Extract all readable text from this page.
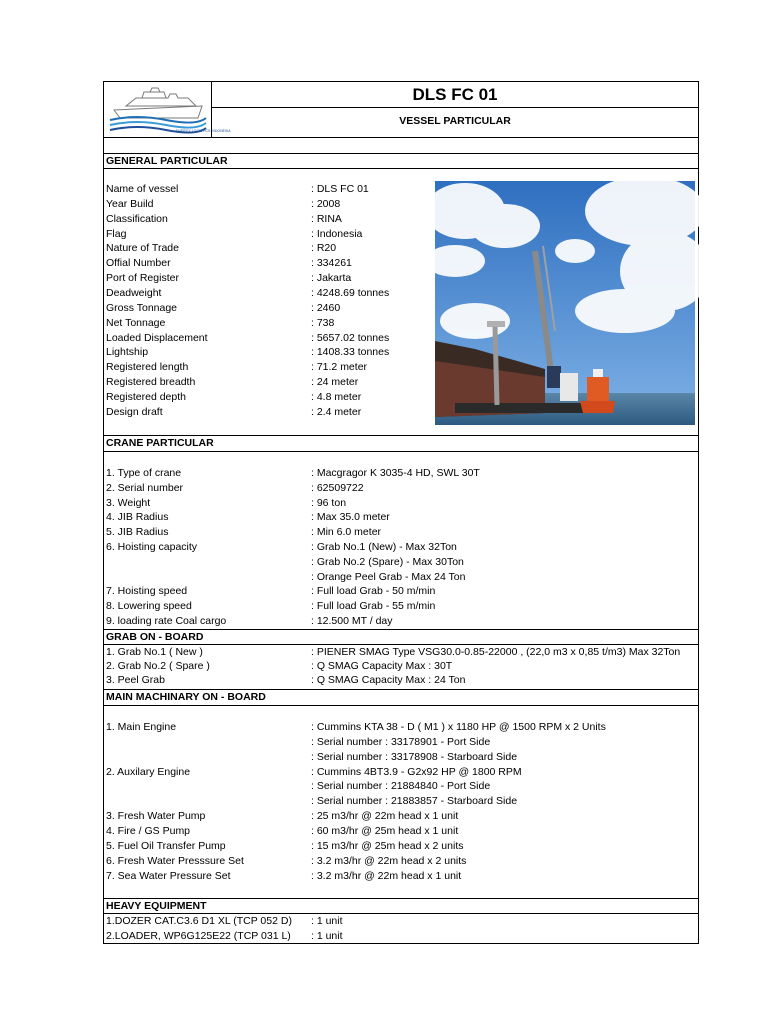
ENERGY LOGISTICS INDONESIA
DLS FC 01
VESSEL PARTICULAR
GENERAL PARTICULAR
Name of vessel	: DLS FC 01
Year Build	: 2008
Classification	: RINA
Flag	: Indonesia
Nature of Trade	: R20
Offial Number	: 334261
Port of Register	: Jakarta
Deadweight	: 4248.69 tonnes
Gross Tonnage	: 2460
Net Tonnage	: 738
Loaded Displacement	: 5657.02 tonnes
Lightship	: 1408.33 tonnes
Registered length	: 71.2 meter
Registered breadth	: 24 meter
Registered depth	: 4.8 meter
Design draft	: 2.4 meter
CRANE PARTICULAR
1. Type of crane	: Macgragor K 3035-4 HD, SWL 30T
2. Serial number	: 62509722
3. Weight	: 96 ton
4. JIB Radius	: Max 35.0 meter
5. JIB Radius	: Min 6.0 meter
6. Hoisting capacity	: Grab No.1 (New) - Max 32Ton
: Grab No.2 (Spare) - Max 30Ton
: Orange Peel Grab - Max 24 Ton
7. Hoisting speed	: Full load Grab - 50 m/min
8. Lowering speed	: Full load Grab - 55 m/min
9. loading rate Coal cargo	: 12.500 MT / day
GRAB ON - BOARD
1. Grab No.1 ( New )	: PIENER SMAG Type VSG30.0-0.85-22000 , (22,0 m3 x 0,85 t/m3) Max 32Ton
2. Grab No.2 ( Spare )	: Q SMAG Capacity Max : 30T
3. Peel Grab	: Q SMAG Capacity Max : 24 Ton
MAIN MACHINARY ON - BOARD
1. Main Engine	: Cummins KTA 38 - D ( M1 ) x 1180 HP @ 1500 RPM x 2 Units
: Serial number : 33178901 - Port Side
: Serial number : 33178908 - Starboard Side
2. Auxilary Engine	: Cummins 4BT3.9 - G2x92 HP @ 1800 RPM
: Serial number : 21884840 - Port Side
: Serial number : 21883857 - Starboard Side
3. Fresh Water Pump	: 25 m3/hr @ 22m head x 1 unit
4. Fire / GS Pump	: 60 m3/hr @ 25m head x 1 unit
5. Fuel Oil Transfer Pump	: 15 m3/hr @ 25m head x 2 units
6. Fresh Water Presssure Set	: 3.2 m3/hr @ 22m head x 2 units
7. Sea Water Pressure Set	: 3.2 m3/hr @ 22m head x 1 unit
HEAVY EQUIPMENT
1.DOZER CAT.C3.6 D1 XL (TCP 052 D) : 1 unit
2.LOADER, WP6G125E22 (TCP 031 L) : 1 unit
